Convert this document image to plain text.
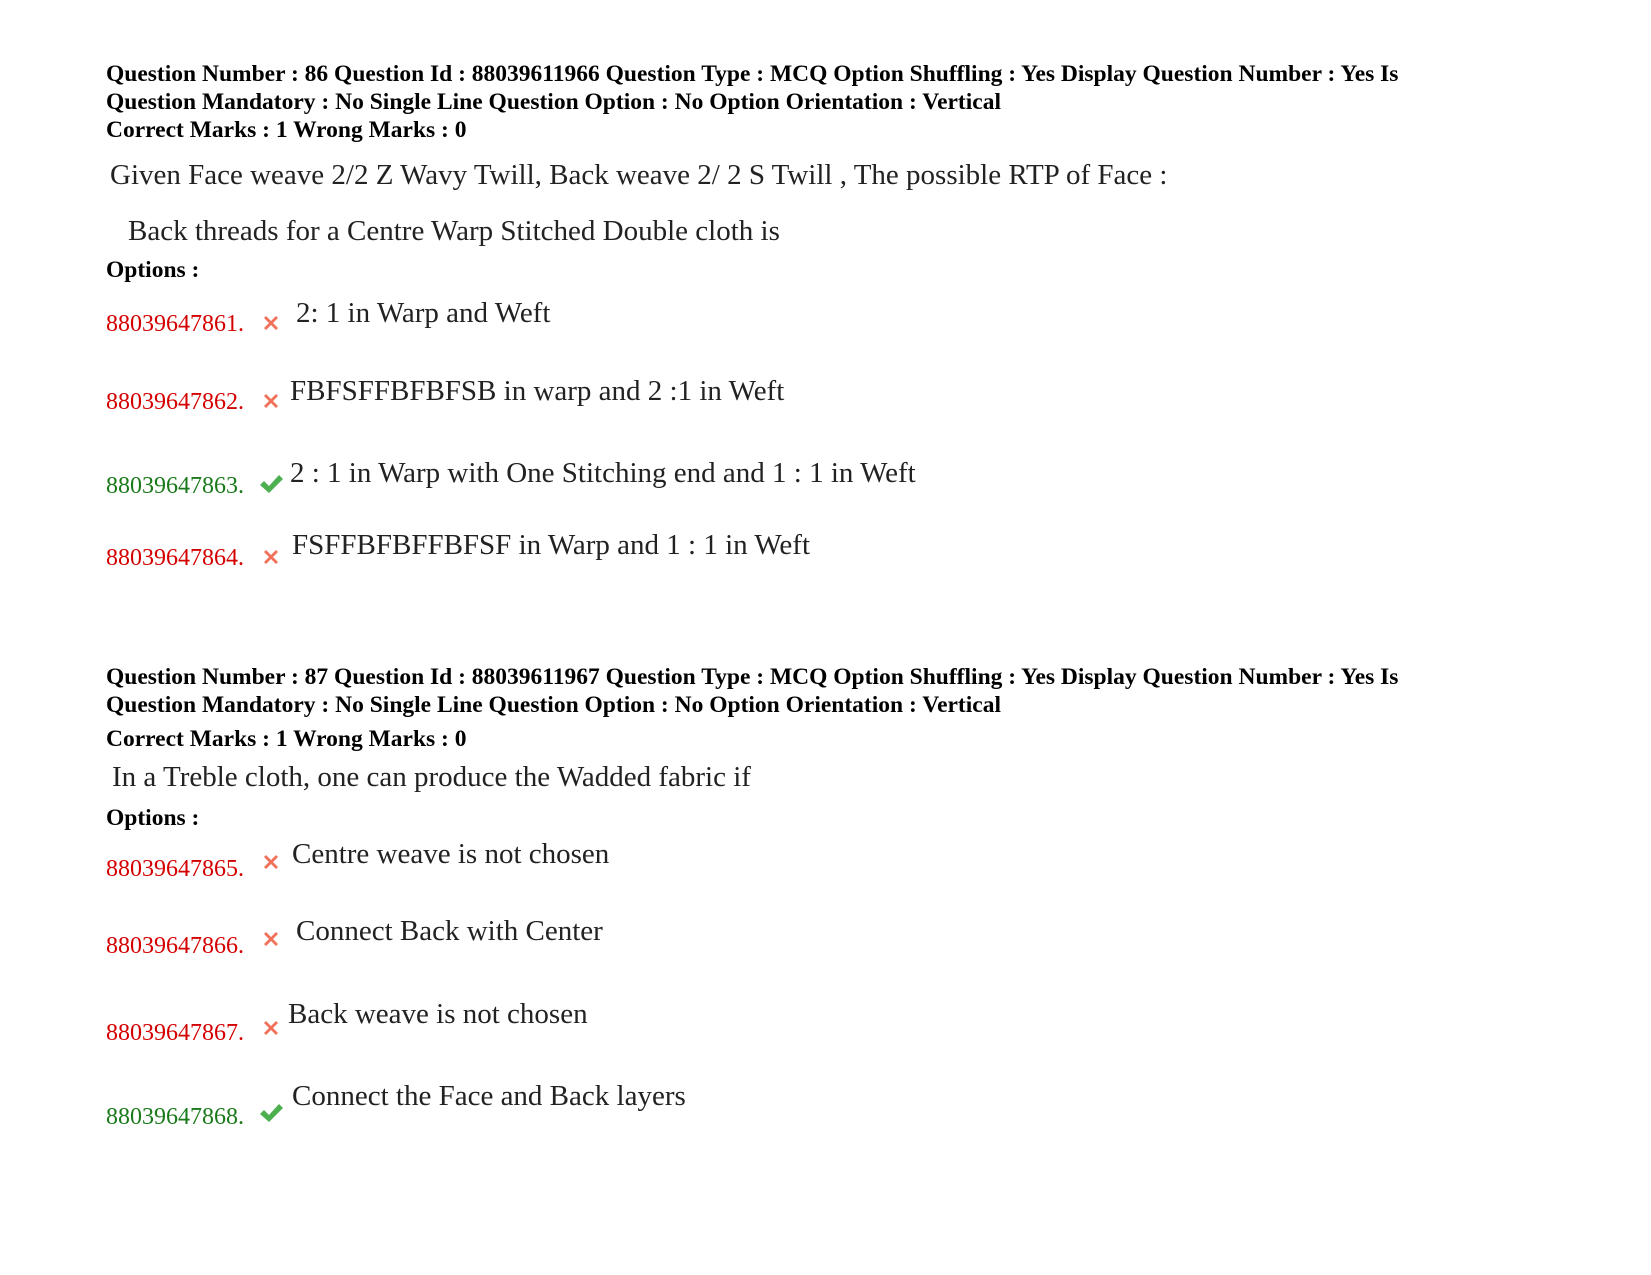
Question Number : 86 Question Id : 88039611966 Question Type : MCQ Option Shuffling : Yes Display Question Number : Yes Is
Question Mandatory : No Single Line Question Option : No Option Orientation : Vertical
Correct Marks : 1 Wrong Marks : 0
Given Face weave 2/2 Z Wavy Twill, Back weave 2/ 2 S Twill , The possible RTP of Face :
Back threads for a Centre Warp Stitched Double cloth is
Options :
88039647861. 2: 1 in Warp and Weft
88039647862. FBFSFFBFBFSB in warp and 2 :1 in Weft
88039647863. 2 : 1 in Warp with One Stitching end and 1 : 1 in Weft
88039647864. FSFFBFBFFBFSF in Warp and 1 : 1 in Weft
Question Number : 87 Question Id : 88039611967 Question Type : MCQ Option Shuffling : Yes Display Question Number : Yes Is
Question Mandatory : No Single Line Question Option : No Option Orientation : Vertical
Correct Marks : 1 Wrong Marks : 0
In a Treble cloth, one can produce the Wadded fabric if
Options :
88039647865. Centre weave is not chosen
88039647866. Connect Back with Center
88039647867.
Back weave is not chosen
88039647868.
Connect the Face and Back layers
